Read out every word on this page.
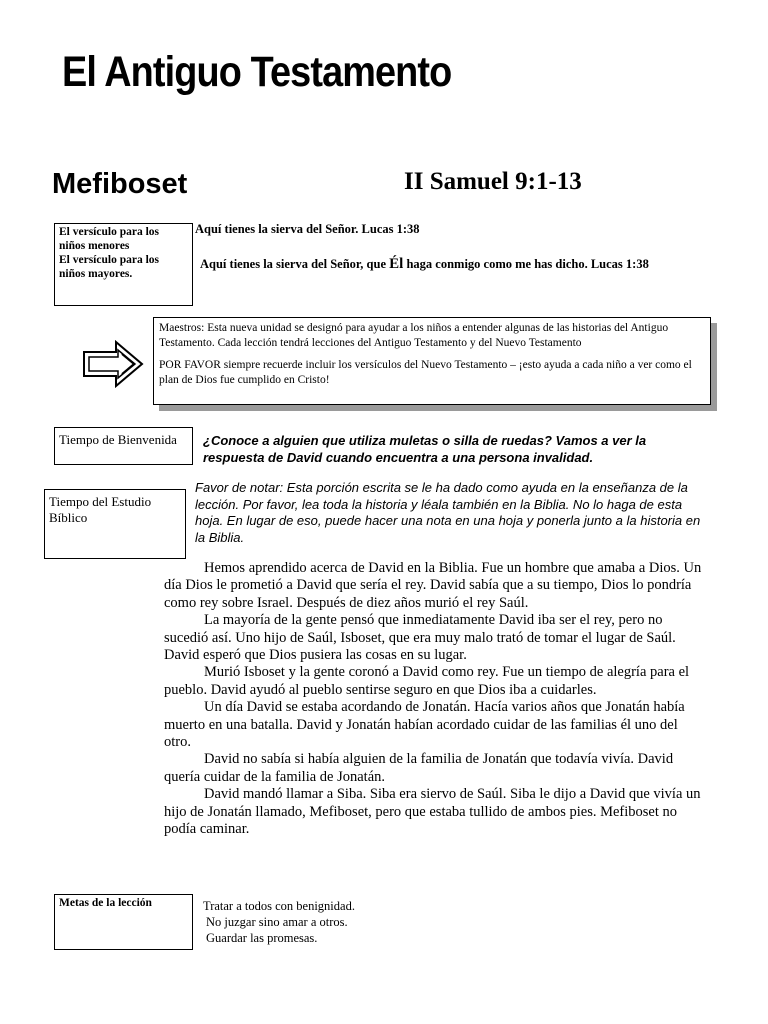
El Antiguo Testamento
Mefiboset	II Samuel 9:1-13
El versículo para los niños menores
El versículo para los niños mayores.
Aquí tienes la sierva del Señor. Lucas 1:38
Aquí tienes la sierva del Señor, que Él haga conmigo como me has dicho. Lucas 1:38

Maestros: Esta nueva unidad se designó para ayudar a los niños a entender algunas de las historias del Antiguo Testamento. Cada lección tendrá lecciones del Antiguo Testamento y del Nuevo Testamento

POR FAVOR siempre recuerde incluir los versículos del Nuevo Testamento – ¡esto ayuda a cada niño a ver como el plan de Dios fue cumplido en Cristo!

Tiempo de Bienvenida	¿Conoce a alguien que utiliza muletas o silla de ruedas? Vamos a ver la respuesta de David cuando encuentra a una persona invalidad.
Tiempo del Estudio Bíblico
Favor de notar: Esta porción escrita se le ha dado como ayuda en la enseñanza de la lección. Por favor, lea toda la historia y léala también en la Biblia. No lo haga de esta hoja. En lugar de eso, puede hacer una nota en una hoja y ponerla junto a la historia en la Biblia.

Hemos aprendido acerca de David en la Biblia. Fue un hombre que amaba a Dios. Un día Dios le prometió a David que sería el rey. David sabía que a su tiempo, Dios lo pondría como rey sobre Israel. Después de diez años murió el rey Saúl.

La mayoría de la gente pensó que inmediatamente David iba ser el rey, pero no sucedió así. Uno hijo de Saúl, Isboset, que era muy malo trató de tomar el lugar de Saúl. David esperó que Dios pusiera las cosas en su lugar.

Murió Isboset y la gente coronó a David como rey. Fue un tiempo de alegría para el pueblo. David ayudó al pueblo sentirse seguro en que Dios iba a cuidarles.

Un día David se estaba acordando de Jonatán. Hacía varios años que Jonatán había muerto en una batalla. David y Jonatán habían acordado cuidar de las familias él uno del otro.

David no sabía si había alguien de la familia de Jonatán que todavía vivía. David quería cuidar de la familia de Jonatán.

David mandó llamar a Siba. Siba era siervo de Saúl. Siba le dijo a David que vivía un hijo de Jonatán llamado, Mefiboset, pero que estaba tullido de ambos pies. Mefiboset no podía caminar.

Metas de la lección	Tratar a todos con benignidad.
No juzgar sino amar a otros.
Guardar las promesas.
